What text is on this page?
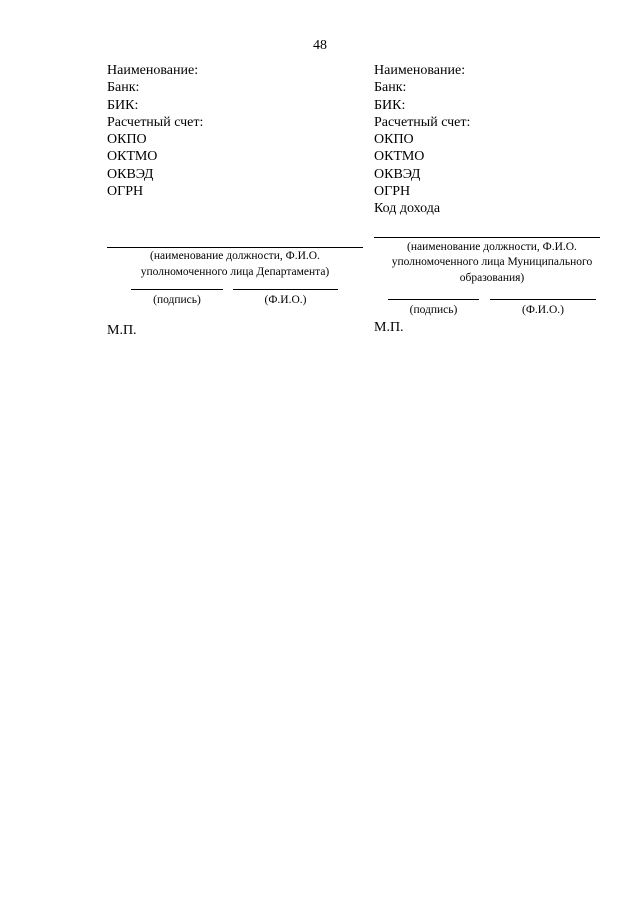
48
Наименование:
Банк:
БИК:
Расчетный счет:
ОКПО
ОКТМО
ОКВЭД
ОГРН
(наименование должности, Ф.И.О.
уполномоченного лица Департамента)
(подпись)	(Ф.И.О.)
М.П.
Наименование:
Банк:
БИК:
Расчетный счет:
ОКПО
ОКТМО
ОКВЭД
ОГРН
Код дохода
(наименование должности, Ф.И.О.
уполномоченного лица Муниципального
образования)
(подпись)	(Ф.И.О.)
М.П.
